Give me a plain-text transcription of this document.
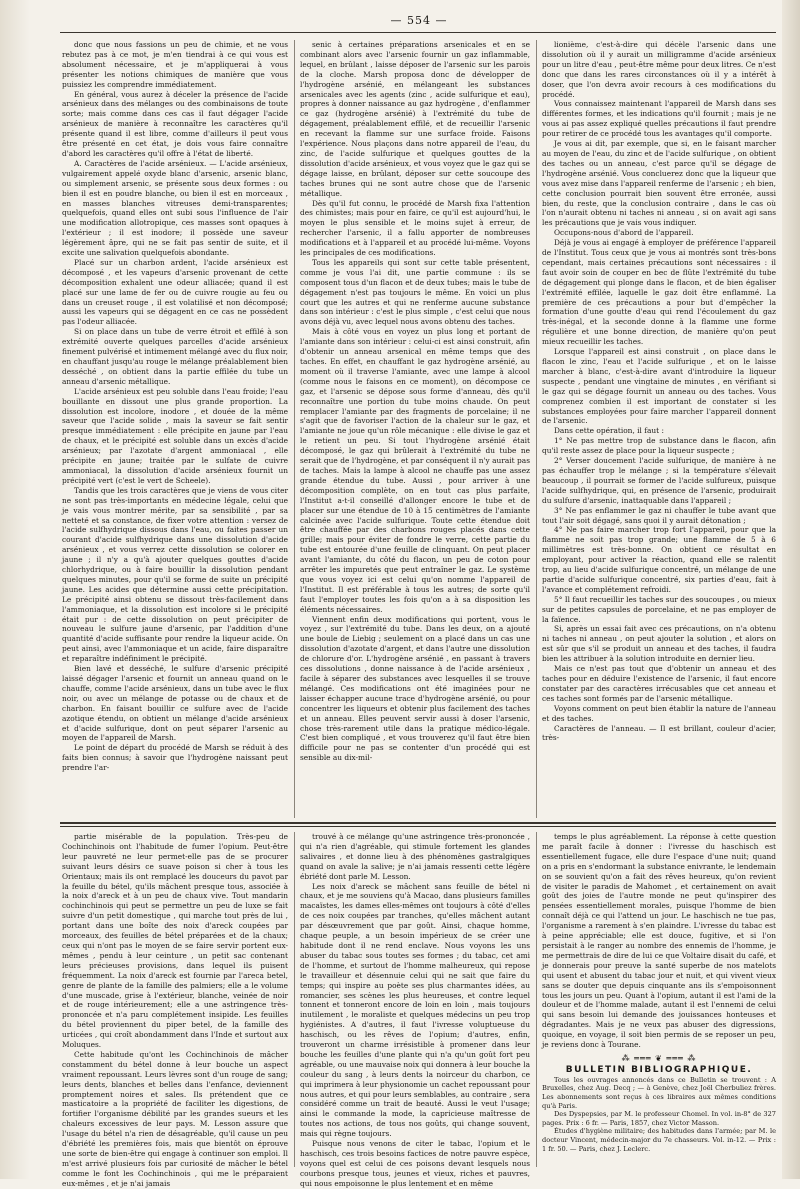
— 554 —

donc que nous fassions un peu de chimie, et ne vous rebutez pas à ce mot, je m'en tiendrai à ce qui vous est absolument nécessaire, et je m'appliquerai à vous présenter les notions chimiques de manière que vous puissiez les comprendre immédiatement.

En général, vous aurez à déceler la présence de l'acide arsénieux dans des mélanges ou des combinaisons de toute sorte; mais comme dans ces cas il faut dégager l'acide arsénieux de manière à reconnaître les caractères qu'il présente quand il est libre, comme d'ailleurs il peut vous être présenté en cet état, je dois vous faire connaître d'abord les caractères qu'il offre à l'état de liberté.

A. Caractères de l'acide arsénieux. — L'acide arsénieux, vulgairement appelé oxyde blanc d'arsenic, arsenic blanc, ou simplement arsenic, se présente sous deux formes : ou bien il est en poudre blanche, ou bien il est en morceaux , en masses blanches vitreuses demi-transparentes; quelquefois, quand elles ont subi sous l'influence de l'air une modification allotropique, ces masses sont opaques à l'extérieur ; il est inodore; il possède une saveur légèrement âpre, qui ne se fait pas sentir de suite, et il excite une salivation quelquefois abondante.

Placé sur un charbon ardent, l'acide arsénieux est décomposé , et les vapeurs d'arsenic provenant de cette décomposition exhalent une odeur alliacée; quand il est placé sur une lame de fer ou de cuivre rougie au feu ou dans un creuset rouge , il est volatilisé et non décomposé; aussi les vapeurs qui se dégagent en ce cas ne possèdent pas l'odeur alliacée.

Si on place dans un tube de verre étroit et effilé à son extrémité ouverte quelques parcelles d'acide arsénieux finement pulvérisé et intimement mélangé avec du flux noir, en chauffant jusqu'au rouge le mélange préalablement bien desséché , on obtient dans la partie effilée du tube un anneau d'arsenic métallique.

L'acide arsénieux est peu soluble dans l'eau froide; l'eau bouillante en dissout une plus grande proportion. La dissolution est incolore, inodore , et douée de la même saveur que l'acide solide , mais la saveur se fait sentir presque immédiatement : elle précipite en jaune par l'eau de chaux, et le précipité est soluble dans un excès d'acide arsénieux; par l'azotate d'argent ammoniacal , elle précipite en jaune; traitée par le sulfate de cuivre ammoniacal, la dissolution d'acide arsénieux fournit un précipité vert (c'est le vert de Scheele).

Tandis que les trois caractères que je viens de vous citer ne sont pas très-importants en médecine légale, celui que je vais vous montrer mérite, par sa sensibilité , par sa netteté et sa constance, de fixer votre attention : versez de l'acide sulfhydrique dissous dans l'eau, ou faites passer un courant d'acide sulfhydrique dans une dissolution d'acide arsénieux , et vous verrez cette dissolution se colorer en jaune ; il n'y a qu'à ajouter quelques gouttes d'acide chlorhydrique, ou à faire bouillir la dissolution pendant quelques minutes, pour qu'il se forme de suite un précipité jaune. Les acides que détermine aussi cette précipitation. Le précipité ainsi obtenu se dissout très-facilement dans l'ammoniaque, et la dissolution est incolore si le précipité était pur : de cette dissolution on peut précipiter de nouveau le sulfure jaune d'arsenic, par l'addition d'une quantité d'acide suffisante pour rendre la liqueur acide. On peut ainsi, avec l'ammoniaque et un acide, faire disparaître et reparaître indéfiniment le précipité.

Bien lavé et desséché, le sulfure d'arsenic précipité laissé dégager l'arsenic et fournit un anneau quand on le chauffe, comme l'acide arsénieux, dans un tube avec le flux noir, ou avec un mélange de potasse ou de chaux et de charbon. En faisant bouillir ce sulfure avec de l'acide azotique étendu, on obtient un mélange d'acide arsénieux et d'acide sulfurique, dont on peut séparer l'arsenic au moyen de l'appareil de Marsh.

Le point de départ du procédé de Marsh se réduit à des faits bien connus; à savoir que l'hydrogène naissant peut prendre l'ar-

senic à certaines préparations arsenicales et en se combinant alors avec l'arsenic fournir un gaz inflammable, lequel, en brûlant , laisse déposer de l'arsenic sur les parois de la cloche. Marsh proposa donc de développer de l'hydrogène arsénié, en mélangeant les substances arsenicales avec les agents (zinc , acide sulfurique et eau), propres à donner naissance au gaz hydrogène , d'enflammer ce gaz (hydrogène arsénié) à l'extrémité du tube de dégagement, préalablement effilé, et de recueillir l'arsenic en recevant la flamme sur une surface froide. Faisons l'expérience. Nous plaçons dans notre appareil de l'eau, du zinc, de l'acide sulfurique et quelques gouttes de la dissolution d'acide arsénieux, et vous voyez que le gaz qui se dégage laisse, en brûlant, déposer sur cette soucoupe des taches brunes qui ne sont autre chose que de l'arsenic métallique.

Dès qu'il fut connu, le procédé de Marsh fixa l'attention des chimistes; mais pour en faire, ce qu'il est aujourd'hui, le moyen le plus sensible et le moins sujet à erreur, de rechercher l'arsenic, il a fallu apporter de nombreuses modifications et à l'appareil et au procédé lui-même. Voyons les principales de ces modifications.

Tous les appareils qui sont sur cette table présentent, comme je vous l'ai dit, une partie commune : ils se composent tous d'un flacon et de deux tubes; mais le tube de dégagement n'est pas toujours le même. En voici un plus court que les autres et qui ne renferme aucune substance dans son intérieur : c'est le plus simple , c'est celui que nous avons déjà vu, avec lequel nous avons obtenu des taches.

Mais à côté vous en voyez un plus long et portant de l'amiante dans son intérieur : celui-ci est ainsi construit, afin d'obtenir un anneau arsenical en même temps que des taches. En effet, en chauffant le gaz hydrogène arsénié, au moment où il traverse l'amiante, avec une lampe à alcool (comme nous le faisons en ce moment), on décompose ce gaz, et l'arsenic se dépose sous forme d'anneau, dès qu'il reconnaître une portion du tube moins chaude. On peut remplacer l'amiante par des fragments de porcelaine; il ne s'agit que de favoriser l'action de la chaleur sur le gaz, et l'amiante ne joue qu'un rôle mécanique : elle divise le gaz et le retient un peu. Si tout l'hydrogène arsénié était décomposé, le gaz qui brûlerait à l'extrémité du tube ne serait que de l'hydrogène, et par conséquent il n'y aurait pas de taches. Mais la lampe à alcool ne chauffe pas une assez grande étendue du tube. Aussi , pour arriver à une décomposition complète, on en tout cas plus parfaite, l'Institut a-t-il conseillé d'allonger encore le tube et de placer sur une étendue de 10 à 15 centimètres de l'amiante calcinée avec l'acide sulfurique. Toute cette étendue doit être chauffée par des charbons rouges placés dans cette grille; mais pour éviter de fondre le verre, cette partie du tube est entourée d'une feuille de clinquant. On peut placer avant l'amiante, du côté du flacon, un peu de coton pour arrêter les impuretés que peut entraîner le gaz. Le système que vous voyez ici est celui qu'on nomme l'appareil de l'Institut. Il est préférable à tous les autres; de sorte qu'il faut l'employer toutes les fois qu'on a à sa disposition les éléments nécessaires.

Viennent enfin deux modifications qui portent, vous le voyez , sur l'extrémité du tube. Dans les deux, on a ajouté une boule de Liebig ; seulement on a placé dans un cas une dissolution d'azotate d'argent, et dans l'autre une dissolution de chlorure d'or. L'hydrogène arsénié , en passant à travers ces dissolutions , donne naissance à de l'acide arsénieux , facile à séparer des substances avec lesquelles il se trouve mélangé. Ces modifications ont été imaginées pour ne laisser échapper aucune trace d'hydrogène arsénié, ou pour concentrer les liqueurs et obtenir plus facilement des taches et un anneau. Elles peuvent servir aussi à doser l'arsenic, chose très-rarement utile dans la pratique médico-légale. C'est bien compliqué , et vous trouverez qu'il faut être bien difficile pour ne pas se contenter d'un procédé qui est sensible au dix-mil-

lionième, c'est-à-dire qui décèle l'arsenic dans une dissolution où il y aurait un milligramme d'acide arsénieux pour un litre d'eau , peut-être même pour deux litres. Ce n'est donc que dans les rares circonstances où il y a intérêt à doser, que l'on devra avoir recours à ces modifications du procédé.

Vous connaissez maintenant l'appareil de Marsh dans ses différentes formes, et les indications qu'il fournit ; mais je ne vous ai pas assez expliqué quelles précautions il faut prendre pour retirer de ce procédé tous les avantages qu'il comporte.

Je vous ai dit, par exemple, que si, en le faisant marcher au moyen de l'eau, du zinc et de l'acide sulfurique , on obtient des taches ou un anneau, c'est parce qu'il se dégage de l'hydrogène arsénié. Vous concluerez donc que la liqueur que vous avez mise dans l'appareil renferme de l'arsenic ; eh bien, cette conclusion pourrait bien souvent être erronée, aussi bien, du reste, que la conclusion contraire , dans le cas où l'on n'aurait obtenu ni taches ni anneau , si on avait agi sans les précautions que je vais vous indiquer.

Occupons-nous d'abord de l'appareil.

Déjà je vous ai engagé à employer de préférence l'appareil de l'Institut. Tous ceux que je vous ai montrés sont très-bons cependant, mais certaines précautions sont nécessaires : il faut avoir soin de couper en bec de flûte l'extrémité du tube de dégagement qui plonge dans le flacon, et de bien égaliser l'extrémité effilée, laquelle le gaz doit être enflammé. La première de ces précautions a pour but d'empêcher la formation d'une goutte d'eau qui rend l'écoulement du gaz très-inégal, et la seconde donne à la flamme une forme régulière et une bonne direction, de manière qu'on peut mieux recueillir les taches.

Lorsque l'appareil est ainsi construit , on place dans le flacon le zinc, l'eau et l'acide sulfurique , et on le laisse marcher à blanc, c'est-à-dire avant d'introduire la liqueur suspecte , pendant une vingtaine de minutes , en vérifiant si le gaz qui se dégage fournit un anneau ou des taches. Vous comprenez combien il est important de constater si les substances employées pour faire marcher l'appareil donnent de l'arsenic.

Dans cette opération, il faut :

1° Ne pas mettre trop de substance dans le flacon, afin qu'il reste assez de place pour la liqueur suspecte ;

2° Verser doucement l'acide sulfurique, de manière à ne pas échauffer trop le mélange ; si la température s'élevait beaucoup , il pourrait se former de l'acide sulfureux, puisque l'acide sulfhydrique, qui, en présence de l'arsenic, produirait du sulfure d'arsenic, inattaquable dans l'appareil ;

3° Ne pas enflammer le gaz ni chauffer le tube avant que tout l'air soit dégagé, sans quoi il y aurait détonation ;

4° Ne pas faire marcher trop fort l'appareil, pour que la flamme ne soit pas trop grande; une flamme de 5 à 6 millimètres est très-bonne. On obtient ce résultat en employant, pour activer la réaction, quand elle se ralentit trop, au lieu d'acide sulfurique concentré, un mélange de une partie d'acide sulfurique concentré, six parties d'eau, fait à l'avance et complétement refroidi.

5° Il faut recueillir les taches sur des soucoupes , ou mieux sur de petites capsules de porcelaine, et ne pas employer de la faïence.

Si, après un essai fait avec ces précautions, on n'a obtenu ni taches ni anneau , on peut ajouter la solution , et alors on est sûr que s'il se produit un anneau et des taches, il faudra bien les attribuer à la solution introduite en dernier lieu.

Mais ce n'est pas tout que d'obtenir un anneau et des taches pour en déduire l'existence de l'arsenic, il faut encore constater par des caractères irrécusables que cet anneau et ces taches sont formés par de l'arsenic métallique.

Voyons comment on peut bien établir la nature de l'anneau et des taches.

Caractères de l'anneau. — Il est brillant, couleur d'acier, très-

partie misérable de la population. Très-peu de Cochinchinois ont l'habitude de fumer l'opium. Peut-être leur pauvreté ne leur permet-elle pas de se procurer suivant leurs désirs ce suave poison si cher à tous les Orientaux; mais ils ont remplacé les douceurs du pavot par la feuille du bétel, qu'ils mâchent presque tous, associée à la noix d'areck et à un peu de chaux vive. Tout mandarin cochinchinois qui peut se permettre un peu de luxe se fait suivre d'un petit domestique , qui marche tout près de lui , portant dans une boîte des noix d'areck coupées par morceaux, des feuilles de bétel préparées et de la chaux; ceux qui n'ont pas le moyen de se faire servir portent eux-mêmes , pendu à leur ceinture , un petit sac contenant leurs précieuses provisions, dans lequel ils puisent fréquemment. La noix d'areck est fournie par l'areca betel, genre de plante de la famille des palmiers; elle a le volume d'une muscade, grise à l'extérieur, blanche, veinée de noir et de rouge intérieurement; elle a une astringence très-prononcée et n'a paru complétement insipide. Les feuilles du bétel proviennent du piper betel, de la famille des urticées , qui croît abondamment dans l'Inde et surtout aux Moluques.

Cette habitude qu'ont les Cochinchinois de mâcher constamment du bétel donne à leur bouche un aspect vraiment repoussant. Leurs lèvres sont d'un rouge de sang; leurs dents, blanches et belles dans l'enfance, deviennent promptement noires et sales. Ils prétendent que ce masticatoire a la propriété de faciliter les digestions, de fortifier l'organisme débilité par les grandes sueurs et les chaleurs excessives de leur pays. M. Lesson assure que l'usage du bétel n'a rien de désagréable, qu'il cause un peu d'ébriété les premières fois, mais que bientôt on éprouve une sorte de bien-être qui engage à continuer son emploi. Il m'est arrivé plusieurs fois par curiosité de mâcher le bétel comme le font les Cochinchinois , qui me le préparaient eux-mêmes , et je n'ai jamais

trouvé à ce mélange qu'une astringence très-prononcée , qui n'a rien d'agréable, qui stimule fortement les glandes salivaires , et donne lieu à des phénomènes gastralgiques quand on avale la salive; je n'ai jamais ressenti cette légère ébriété dont parle M. Lesson.

Les noix d'areck se mâchent sans feuille de bétel ni chaux, et je me souviens qu'à Macao, dans plusieurs familles macaïstes, les dames elles-mêmes ont toujours à côté d'elles de ces noix coupées par tranches, qu'elles mâchent autant par désœuvrement que par goût. Ainsi, chaque homme, chaque peuple, a un besoin impérieux de se créer une habitude dont il ne rend enclave. Nous voyons les uns abuser du tabac sous toutes ses formes ; du tabac, cet ami de l'homme, et surtout de l'homme malheureux, qui repose le travailleur et désennuie celui qui ne sait que faire du temps; qui inspire au poète ses plus charmantes idées, au romancier, ses scènes les plus heureuses, et contre lequel tonnent et tonneront encore de loin en loin , mais toujours inutilement , le moraliste et quelques médecins un peu trop hygiénistes. A d'autres, il faut l'ivresse voluptueuse du haschisch, ou les rêves de l'opium; d'autres, enfin, trouveront un charme irrésistible à promener dans leur bouche les feuilles d'une plante qui n'a qu'un goût fort peu agréable, ou une mauvaise noix qui donnera à leur bouche la couleur du sang , à leurs dents la noirceur du charbon, ce qui imprimera à leur physionomie un cachet repoussant pour nous autres, et qui pour leurs semblables, au contraire , sera considéré comme un trait de beauté. Aussi le veut l'usage; ainsi le commande la mode, la capricieuse maîtresse de toutes nos actions, de tous nos goûts, qui change souvent, mais qui règne toujours.

Puisque nous venons de citer le tabac, l'opium et le haschisch, ces trois besoins factices de notre pauvre espèce, voyons quel est celui de ces poisons devant lesquels nous courbons presque tous, jeunes et vieux, riches et pauvres, qui nous empoisonne le plus lentement et en même

temps le plus agréablement. La réponse à cette question me paraît facile à donner : l'ivresse du haschisch est essentiellement fugace, elle dure l'espace d'une nuit; quand on a pris en s'endormant la substance enivrante, le lendemain on se souvient qu'on a fait des rêves heureux, qu'on revient de visiter le paradis de Mahomet , et certainement on avait goût des joies de l'autre monde ne peut qu'inspirer des pensées essentiellement morales, puisque l'homme de bien connaît déjà ce qui l'attend un jour. Le haschisch ne tue pas, l'organisme a rarement à s'en plaindre. L'ivresse du tabac est à peine appréciable; elle est douce, fugitive, et si l'on persistait à le ranger au nombre des ennemis de l'homme, je me permettrais de dire de lui ce que Voltaire disait du café, et je donnerais pour preuve la santé superbe de nos matelots qui usent et abusent du tabac jour et nuit, et qui vivent vieux sans se douter que depuis cinquante ans ils s'empoisonnent tous les jours un peu. Quant à l'opium, autant il est l'ami de la douleur et de l'homme malade, autant il est l'ennemi de celui qui sans besoin lui demande des jouissances honteuses et dégradantes. Mais je ne veux pas abuser des digressions, quoique, en voyage, il soit bien permis de se reposer un peu, je reviens donc à Tourane.

⁂ ═══ ❦ ═══ ⁂

BULLETIN BIBLIOGRAPHIQUE.

Tous les ouvrages annoncés dans ce Bulletin se trouvent : A Bruxelles, chez Aug. Decq ; — à Genève, chez Joël Cherbuliez frères. Les abonnements sont reçus à ces libraires aux mêmes conditions qu'à Paris.

Des Dyspepsies, par M. le professeur Chomel. In vol. in-8° de 327 pages. Prix : 6 fr. — Paris, 1857, chez Victor Masson.

Études d'hygiène militaire; des habitudes dans l'armée; par M. le docteur Vincent, médecin-major du 7e chasseurs. Vol. in-12. — Prix : 1 fr. 50. — Paris, chez J. Leclerc.
